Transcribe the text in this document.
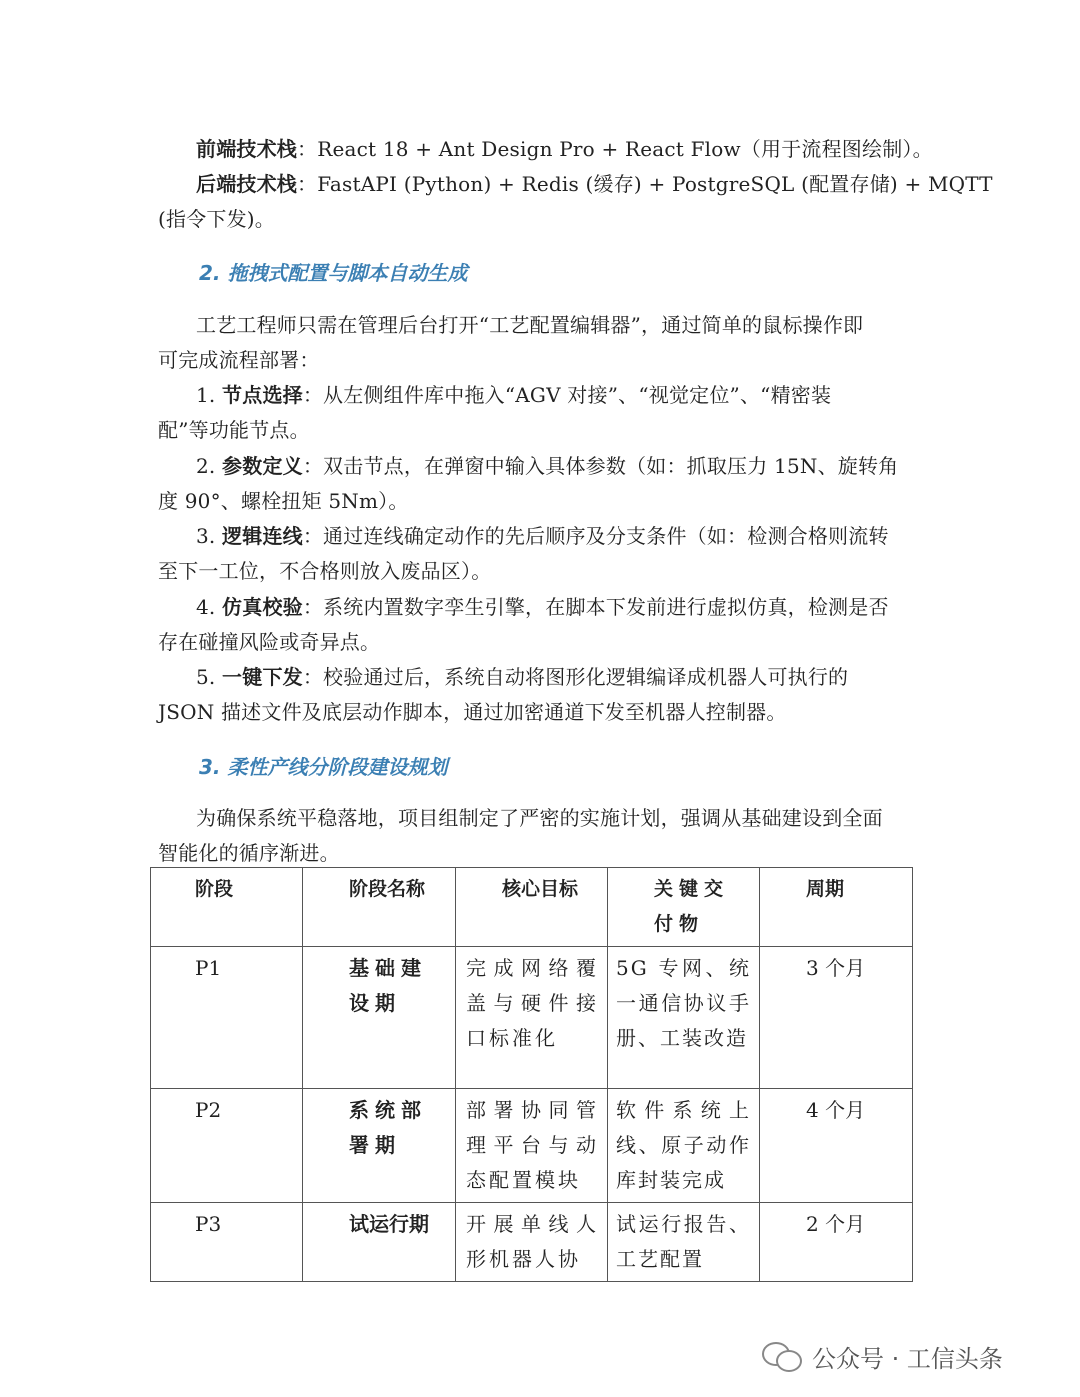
前端技术栈：React 18 + Ant Design Pro + React Flow（用于流程图绘制）。
后端技术栈：FastAPI (Python) + Redis (缓存) + PostgreSQL (配置存储) + MQTT
(指令下发)。
2. 拖拽式配置与脚本自动生成
工艺工程师只需在管理后台打开“工艺配置编辑器”，通过简单的鼠标操作即
可完成流程部署：
1. 节点选择：从左侧组件库中拖入“AGV 对接”、“视觉定位”、“精密装
配”等功能节点。
2. 参数定义：双击节点，在弹窗中输入具体参数（如：抓取压力 15N、旋转角
度 90°、螺栓扭矩 5Nm）。
3. 逻辑连线：通过连线确定动作的先后顺序及分支条件（如：检测合格则流转
至下一工位，不合格则放入废品区）。
4. 仿真校验：系统内置数字孪生引擎，在脚本下发前进行虚拟仿真，检测是否
存在碰撞风险或奇异点。
5. 一键下发：校验通过后，系统自动将图形化逻辑编译成机器人可执行的
JSON 描述文件及底层动作脚本，通过加密通道下发至机器人控制器。
3. 柔性产线分阶段建设规划
为确保系统平稳落地，项目组制定了严密的实施计划，强调从基础建设到全面
智能化的循序渐进。
阶段	阶段名称	核心目标	关键交付物	周期
P1	基础建设期	完成网络覆盖与硬件接口标准化	5G 专网、统一通信协议手册、工装改造	3 个月
P2	系统部署期	部署协同管理平台与动态配置模块	软件系统上线、原子动作库封装完成	4 个月
P3	试运行期	开展单线人形机器人协	试运行报告、工艺配置	2 个月
公众号 · 工信头条
